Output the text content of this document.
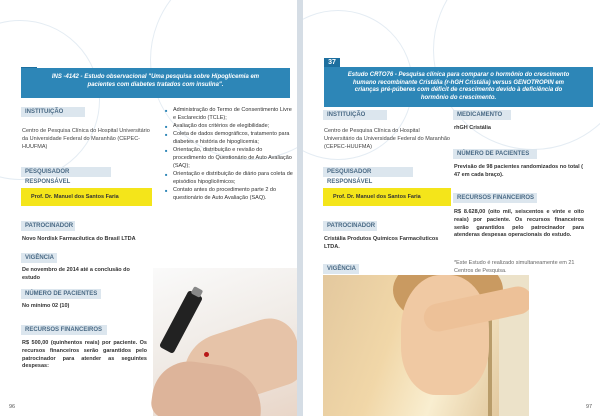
INS -4142 - Estudo observacional "Uma pesquisa sobre Hipoglicemia em pacientes com diabetes tratados com insulina".
INSTITUIÇÃO
Centro de Pesquisa Clínica do Hospital Universitário da Universidade Federal do Maranhão (CEPEC-HUUFMA)
PESQUISADOR RESPONSÁVEL
Prof. Dr. Manuel dos Santos Faria
PATROCINADOR
Novo Nordisk Farmacêutica do Brasil LTDA
VIGÊNCIA
De novembro de 2014 até a conclusão do estudo
NÚMERO DE PACIENTES
No mínimo 02 (10)
RECURSOS FINANCEIROS
R$ 500,00 (quinhentos reais) por paciente. Os recursos financeiros serão garantidos pelo patrocinador para atender as seguintes despesas:
■ Administração do Termo de Consentimento Livre e Esclarecido (TCLE);
■ Avaliação dos critérios de elegibilidade;
■ Coleta de dados demográficos, tratamento para diabetes e história de hipoglicemia;
■ Orientação, distribuição e revisão do procedimento do Questionário de Auto Avaliação (SAQ);
■ Orientação e distribuição de diário para coleta de episódios hipoglicêmicos;
■ Contato antes do procedimento parte 2 do questionário de Auto Avaliação (SAQ).
96
37
Estudo CRTO76 - Pesquisa clínica para comparar o hormônio do crescimento humano recombinante Cristália (r-hGH Cristália) versus GENOTROPIN em crianças pré-púberes com déficit de crescimento devido à deficiência do hormônio do crescimento.
INSTITUIÇÃO
Centro de Pesquisa Clínica do Hospital Universitário da Universidade Federal do Maranhão (CEPEC-HUUFMA)
PESQUISADOR RESPONSÁVEL
Prof. Dr. Manuel dos Santos Faria
PATROCINADOR
Cristália Produtos Químicos Farmacêuticos LTDA.
VIGÊNCIA
MEDICAMENTO
rhGH Cristália
NÚMERO DE PACIENTES
Previsão de 98 pacientes randomizados no total ( 47 em cada braço).
RECURSOS FINANCEIROS
R$ 8.628,00 (oito mil, seiscentos e vinte e oito reais) por paciente. Os recursos financeiros serão garantidos pelo patrocinador para atenderas despesas operacionais do estudo.
*Este Estudo é realizado simultaneamente em 21 Centros de Pesquisa.
97
